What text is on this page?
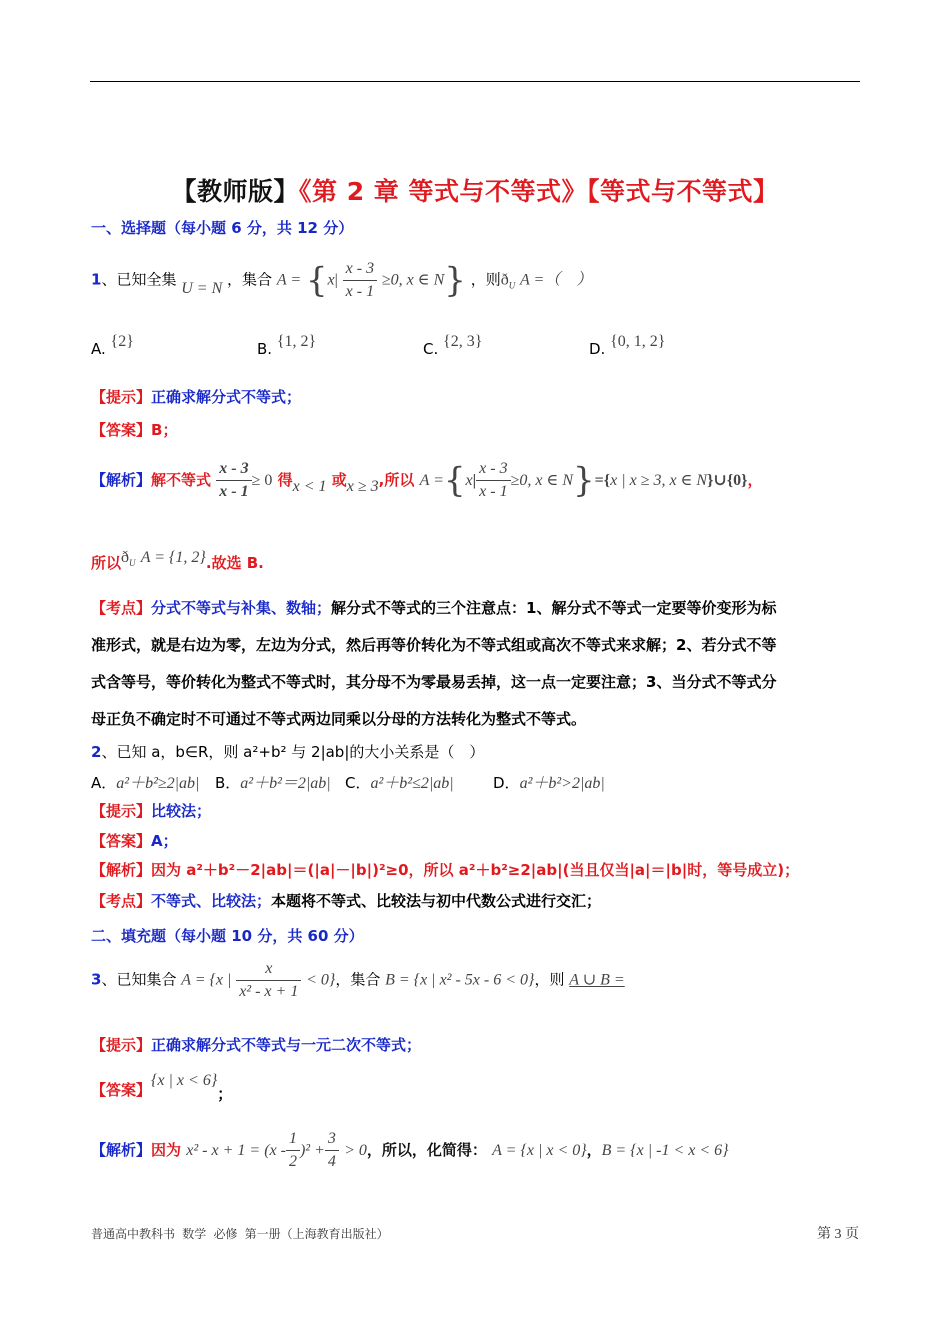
【教师版】《第 2 章 等式与不等式》【等式与不等式】
一、选择题（每小题 6 分，共 12 分）
1、已知全集 U = N ，集合 $A = \{x| \frac{x - 3}{x - 1} \ge 0$, x ∈ N} ，则$ð_U$ A =（　）
A. {2}	B. {1, 2}	C. {2, 3}	D. {0, 1, 2}
【提示】正确求解分式不等式；
【答案】B；
【解析】解不等式 $\frac{x - 3}{x - 1} \ge 0$ 得x < 1 或x ≥ 3,所以 $A =\{x| \frac{x - 3}{x - 1} \ge 0$, x ∈ N}={x | x ≥ 3, x ∈ N}∪{0}，
所以$ð_U$ A = {1, 2}.故选 B.
【考点】分式不等式与补集、数轴；解分式不等式的三个注意点：1、解分式不等式一定要等价变形为标
准形式，就是右边为零，左边为分式，然后再等价转化为不等式组或高次不等式来求解；2、若分式不等
式含等号，等价转化为整式不等式时，其分母不为零最易丢掉，这一点一定要注意；3、当分式不等式分
母正负不确定时不可通过不等式两边同乘以分母的方法转化为整式不等式。
2、已知 a，b∈R，则 a²+b² 与 2|ab|的大小关系是（　）
A．a²＋b²≥2|ab| B．a²＋b²＝2|ab| C．a²＋b²≤2|ab|	D．a²＋b²>2|ab|
【提示】比较法；
【答案】A；
【解析】因为 a²＋b²－2|ab|＝(|a|－|b|)²≥0，所以 a²＋b²≥2|ab|(当且仅当|a|＝|b|时，等号成立)；
【考点】不等式、比较法；本题将不等式、比较法与初中代数公式进行交汇；
二、填充题（每小题 10 分，共 60 分）
3、已知集合 A = {x | $\frac{x}{\text{x² - x + 1}} < 0$}，集合 B = {x | x² - 5x - 6 < 0}，则 A ∪ B =
【提示】正确求解分式不等式与一元二次不等式；
【答案】{x | x < 6}；
【解析】因为 $x^2 - x + 1 = (x - \frac{1}{2} )^2 + \frac{3}{4} > 0$，所以，化简得： A = {x | x < 0}，B = {x | -1 < x < 6}
普通高中教科书 数学 必修 第一册（上海教育出版社）	第 3 页
